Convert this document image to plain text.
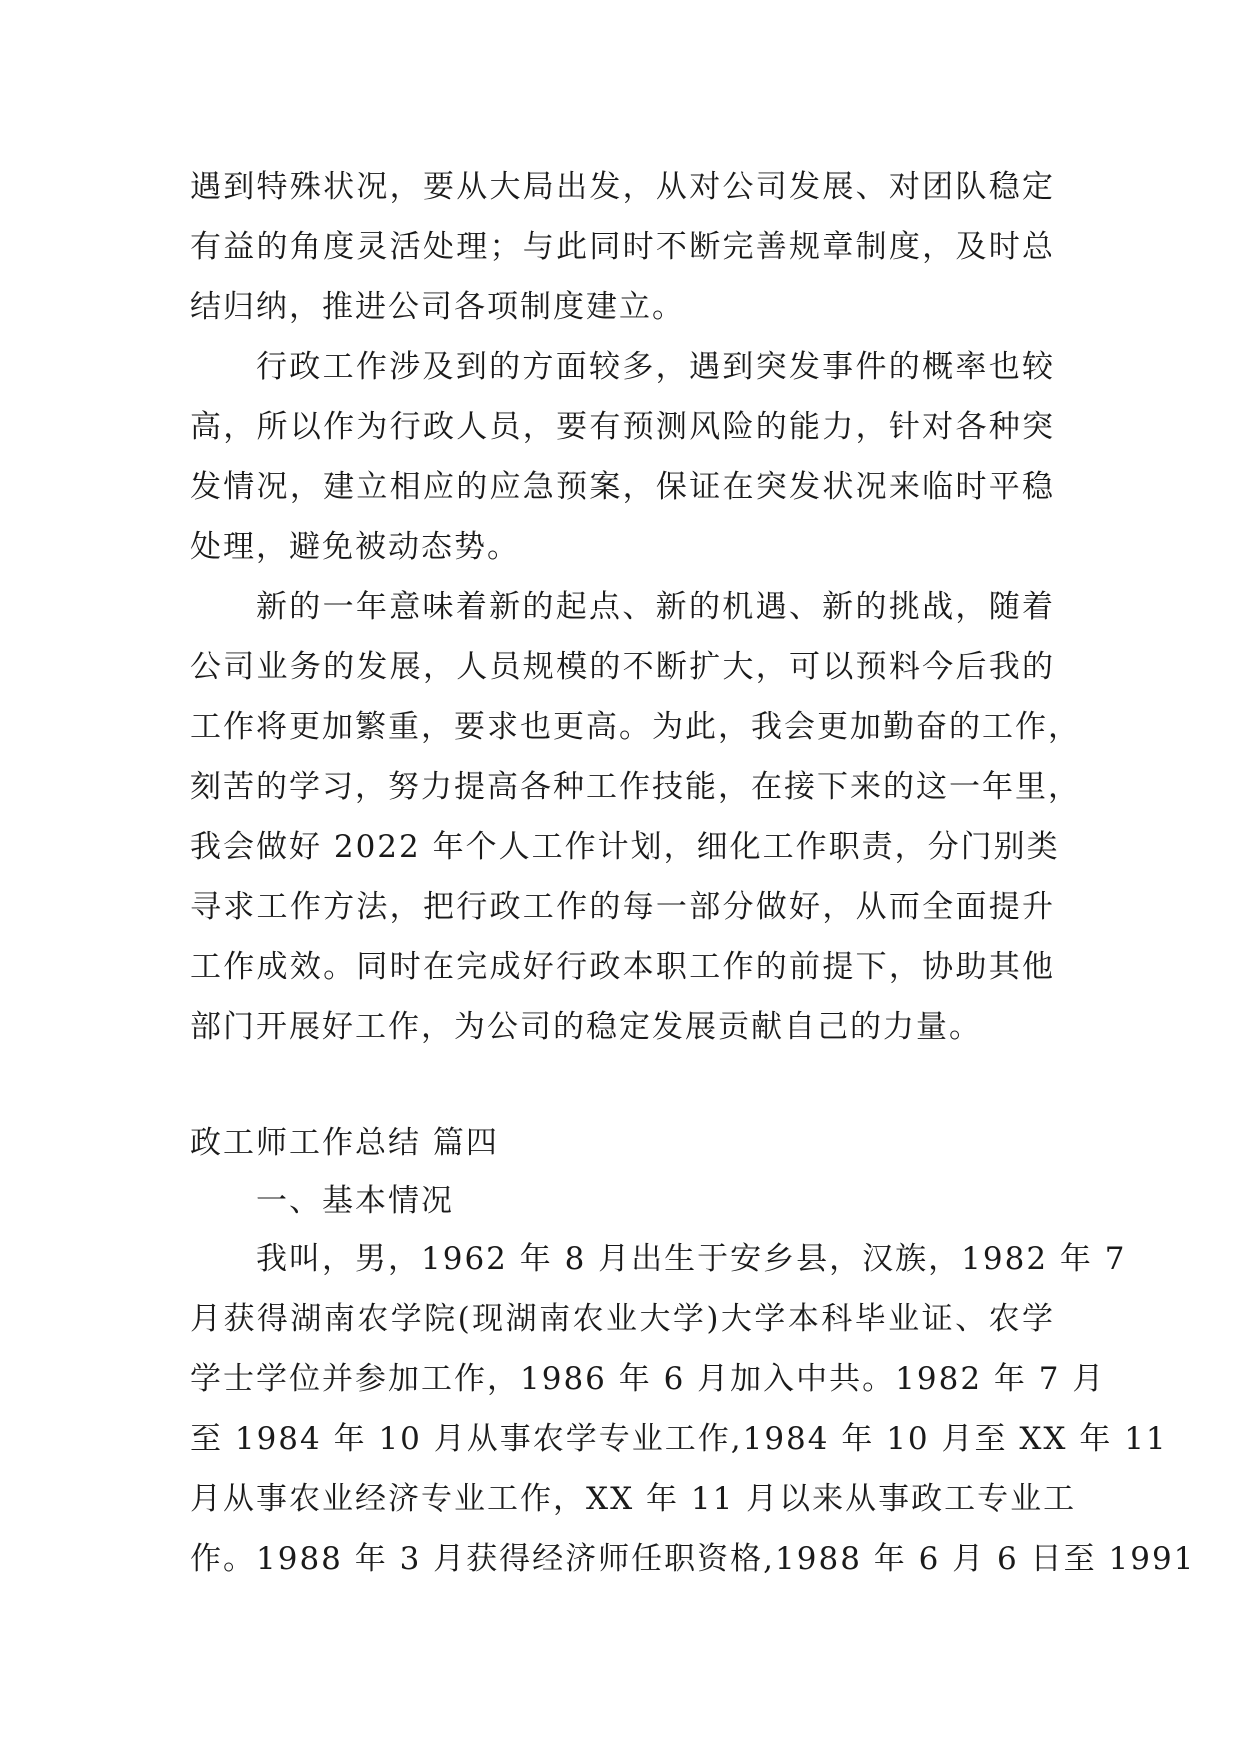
遇到特殊状况，要从大局出发，从对公司发展、对团队稳定
有益的角度灵活处理；与此同时不断完善规章制度，及时总
结归纳，推进公司各项制度建立。
行政工作涉及到的方面较多，遇到突发事件的概率也较
高，所以作为行政人员，要有预测风险的能力，针对各种突
发情况，建立相应的应急预案，保证在突发状况来临时平稳
处理，避免被动态势。
新的一年意味着新的起点、新的机遇、新的挑战，随着
公司业务的发展，人员规模的不断扩大，可以预料今后我的
工作将更加繁重，要求也更高。为此，我会更加勤奋的工作，
刻苦的学习，努力提高各种工作技能，在接下来的这一年里，
我会做好 2022 年个人工作计划，细化工作职责，分门别类
寻求工作方法，把行政工作的每一部分做好，从而全面提升
工作成效。同时在完成好行政本职工作的前提下，协助其他
部门开展好工作，为公司的稳定发展贡献自己的力量。
政工师工作总结 篇四
一、基本情况
我叫，男，1962 年 8 月出生于安乡县，汉族，1982 年 7
月获得湖南农学院(现湖南农业大学)大学本科毕业证、农学
学士学位并参加工作，1986 年 6 月加入中共。1982 年 7 月
至 1984 年 10 月从事农学专业工作,1984 年 10 月至 XX 年 11
月从事农业经济专业工作，XX 年 11 月以来从事政工专业工
作。1988 年 3 月获得经济师任职资格,1988 年 6 月 6 日至 1991
